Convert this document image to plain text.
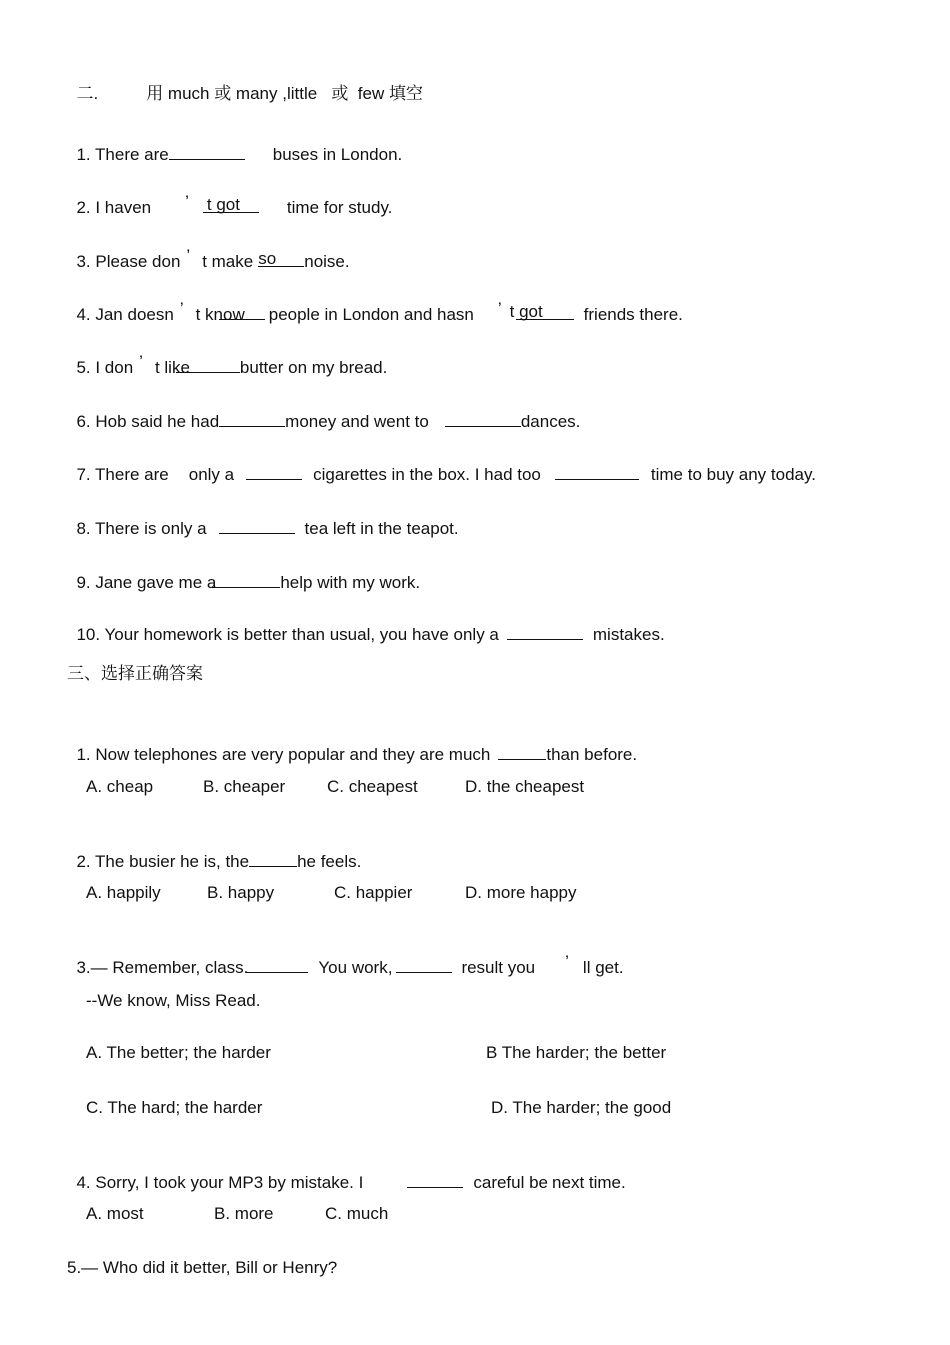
二.	用 much 或 many ,little   或  few 填空

1. There are	buses in London.

2. I haven ’ t got	time for study.

3. Please don ’ t make so noise.

4. Jan doesn ’ t know people in London and hasn ’ t got friends there.

5. I don ’ t like	butter on my bread.

6. Hob said he had	money and went to	dances.

7. There are only a	cigarettes in the box. I had too	time to buy any today.

8. There is only a	tea left in the teapot.

9. Jane gave me a	help with my work.

10. Your homework is better than usual, you have only a	mistakes.

三、选择正确答案

1. Now telephones are very popular and they are much	than before.

A. cheap	B. cheaper C. cheapest	D. the cheapest

2. The busier he is, the	he feels.

A. happily	B. happy	C. happier	D. more happy

3.— Remember, class.	You work,	result you ’ ll get.

--We know, Miss Read.
A. The better; the harder	B The harder; the better
C. The hard; the harder	D. The harder; the good

4. Sorry, I took your MP3 by mistake. I	careful be next time.

A. most	B. more	C. much
5.— Who did it better, Bill or Henry?
